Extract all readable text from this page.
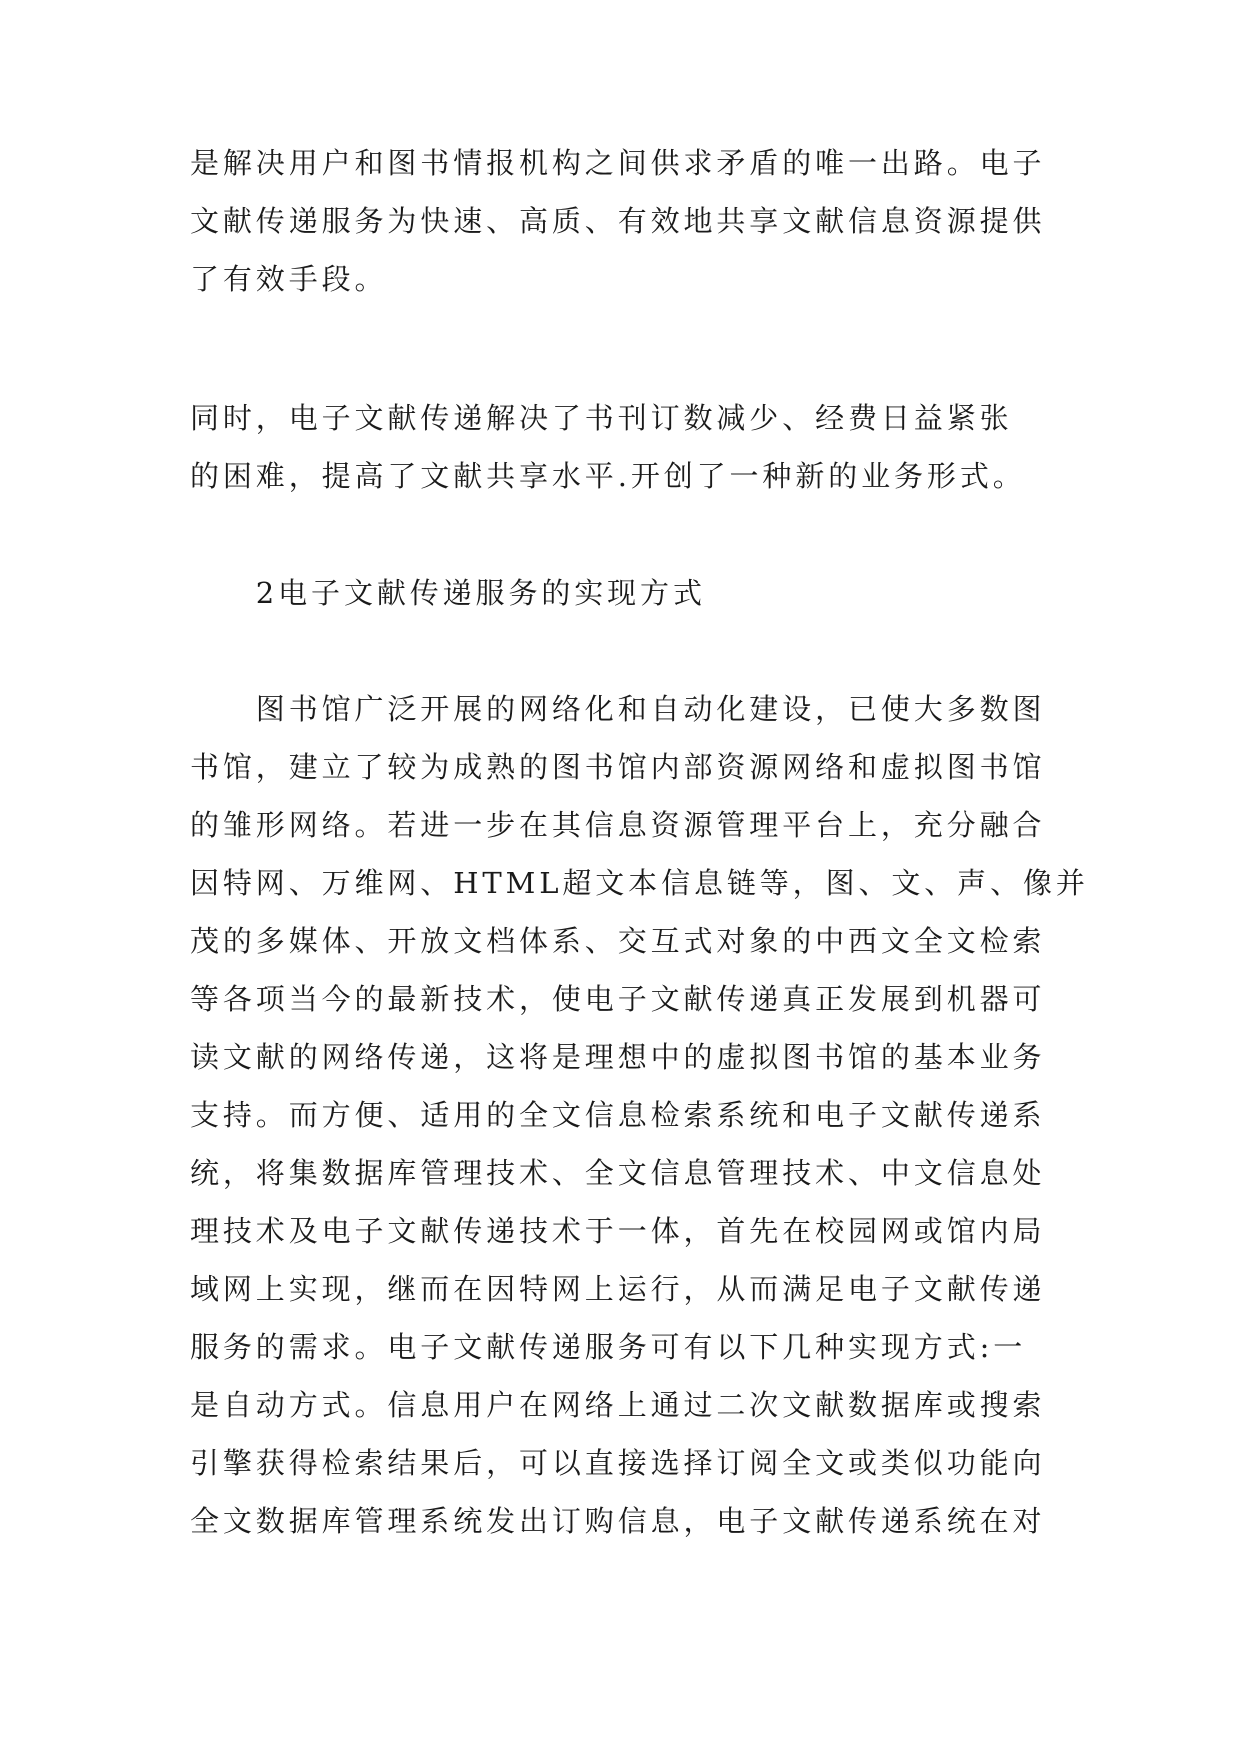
是解决用户和图书情报机构之间供求矛盾的唯一出路。电子
文献传递服务为快速、高质、有效地共享文献信息资源提供
了有效手段。
同时，电子文献传递解决了书刊订数减少、经费日益紧张
的困难，提高了文献共享水平.开创了一种新的业务形式。
　　2电子文献传递服务的实现方式
　　图书馆广泛开展的网络化和自动化建设，已使大多数图
书馆，建立了较为成熟的图书馆内部资源网络和虚拟图书馆
的雏形网络。若进一步在其信息资源管理平台上，充分融合
因特网、万维网、HTML超文本信息链等，图、文、声、像并
茂的多媒体、开放文档体系、交互式对象的中西文全文检索
等各项当今的最新技术，使电子文献传递真正发展到机器可
读文献的网络传递，这将是理想中的虚拟图书馆的基本业务
支持。而方便、适用的全文信息检索系统和电子文献传递系
统，将集数据库管理技术、全文信息管理技术、中文信息处
理技术及电子文献传递技术于一体，首先在校园网或馆内局
域网上实现，继而在因特网上运行，从而满足电子文献传递
服务的需求。电子文献传递服务可有以下几种实现方式:一
是自动方式。信息用户在网络上通过二次文献数据库或搜索
引擎获得检索结果后，可以直接选择订阅全文或类似功能向
全文数据库管理系统发出订购信息，电子文献传递系统在对
